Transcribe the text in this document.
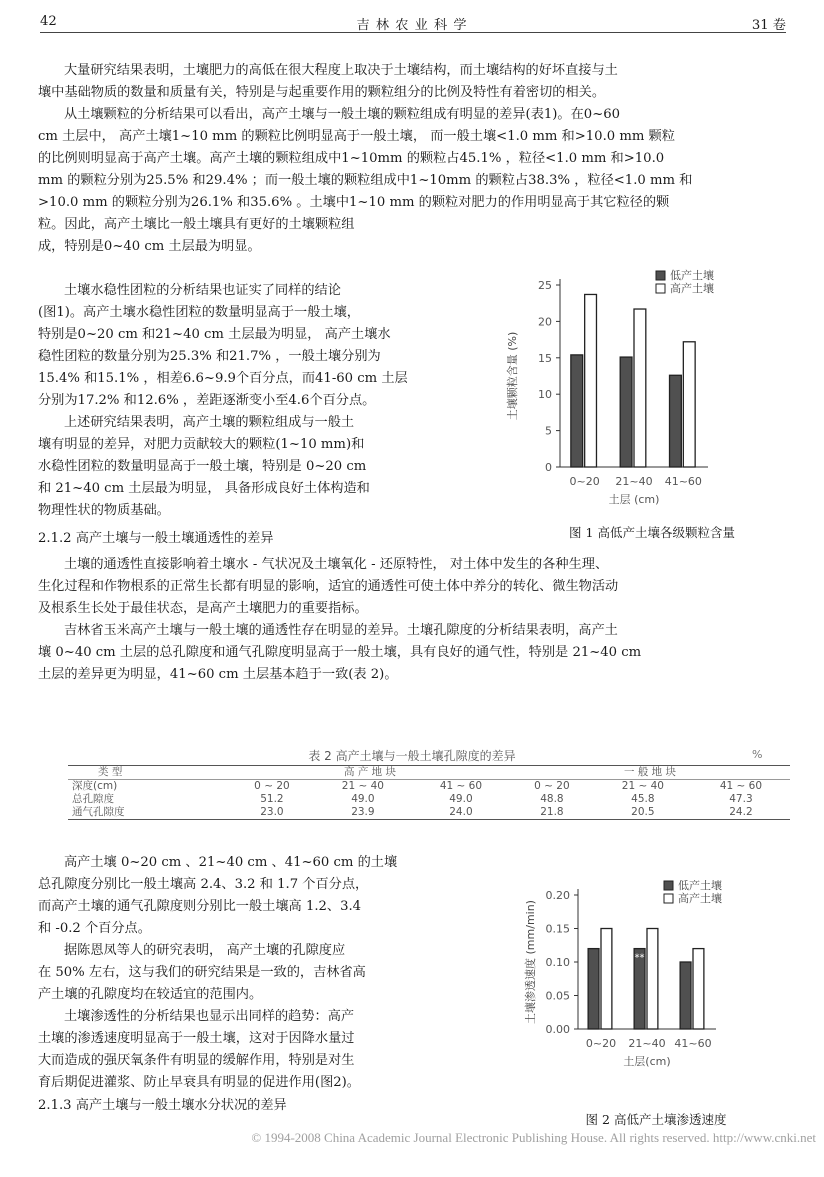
42	吉 林 农 业 科 学	31 卷
大量研究结果表明，土壤肥力的高低在很大程度上取决于土壤结构，而土壤结构的好坏直接与土
壤中基础物质的数量和质量有关，特别是与起重要作用的颗粒组分的比例及特性有着密切的相关。
从土壤颗粒的分析结果可以看出，高产土壤与一般土壤的颗粒组成有明显的差异(表1)。在0~60
cm 土层中， 高产土壤1~10 mm 的颗粒比例明显高于一般土壤， 而一般土壤<1.0 mm 和>10.0 mm 颗粒
的比例则明显高于高产土壤。高产土壤的颗粒组成中1~10mm 的颗粒占45.1% ，粒径<1.0 mm 和>10.0
mm 的颗粒分别为25.5% 和29.4% ；而一般土壤的颗粒组成中1~10mm 的颗粒占38.3% ，粒径<1.0 mm 和
>10.0 mm 的颗粒分别为26.1% 和35.6% 。土壤中1~10 mm 的颗粒对肥力的作用明显高于其它粒径的颗
粒。因此，高产土壤比一般土壤具有更好的土壤颗粒组
成，特别是0~40 cm 土层最为明显。
土壤水稳性团粒的分析结果也证实了同样的结论
(图1)。高产土壤水稳性团粒的数量明显高于一般土壤，
特别是0~20 cm 和21~40 cm 土层最为明显， 高产土壤水
稳性团粒的数量分别为25.3% 和21.7% ，一般土壤分别为
15.4% 和15.1% ，相差6.6~9.9个百分点，而41-60 cm 土层
分别为17.2% 和12.6% ，差距逐渐变小至4.6个百分点。
上述研究结果表明，高产土壤的颗粒组成与一般土
壤有明显的差异，对肥力贡献较大的颗粒(1~10 mm)和
水稳性团粒的数量明显高于一般土壤，特别是 0~20 cm
和 21~40 cm 土层最为明显， 具备形成良好土体构造和
物理性状的物质基础。
2.1.2 高产土壤与一般土壤通透性的差异
土壤的通透性直接影响着土壤水 - 气状况及土壤氧化 - 还原特性， 对土体中发生的各种生理、
生化过程和作物根系的正常生长都有明显的影响，适宜的通透性可使土体中养分的转化、微生物活动
及根系生长处于最佳状态，是高产土壤肥力的重要指标。
吉林省玉米高产土壤与一般土壤的通透性存在明显的差异。土壤孔隙度的分析结果表明，高产土
壤 0~40 cm 土层的总孔隙度和通气孔隙度明显高于一般土壤，具有良好的通气性，特别是 21~40 cm
土层的差异更为明显，41~60 cm 土层基本趋于一致(表 2)。
表 2 高产土壤与一般土壤孔隙度的差异	%
类 型	高 产 地 块			一 般 地 块		
深度(cm)	0 ~ 20	21 ~ 40	41 ~ 60	0 ~ 20	21 ~ 40	41 ~ 60
总孔隙度	51.2	49.0	49.0	48.8	45.8	47.3
通气孔隙度	23.0	23.9	24.0	21.8	20.5	24.2
高产土壤 0~20 cm 、21~40 cm 、41~60 cm 的土壤
总孔隙度分别比一般土壤高 2.4、3.2 和 1.7 个百分点，
而高产土壤的通气孔隙度则分别比一般土壤高 1.2、3.4
和 -0.2 个百分点。
据陈恩凤等人的研究表明， 高产土壤的孔隙度应
在 50% 左右，这与我们的研究结果是一致的，吉林省高
产土壤的孔隙度均在较适宜的范围内。
土壤渗透性的分析结果也显示出同样的趋势：高产
土壤的渗透速度明显高于一般土壤，这对于因降水量过
大而造成的强厌氧条件有明显的缓解作用，特别是对生
育后期促进灌浆、防止早衰具有明显的促进作用(图2)。
2.1.3 高产土壤与一般土壤水分状况的差异
0
5
10
15
20
25
0~20 21~40 41~60
土层 (cm)
土壤颗粒含量 (%)
低产土壤
高产土壤
图 1 高低产土壤各级颗粒含量
0.00
0.05
0.10
0.15
0.20
0~20 21~40 41~60
**
土层(cm)
土壤渗透速度 (mm/min)
低产土壤
高产土壤
图 2 高低产土壤渗透速度
© 1994-2008 China Academic Journal Electronic Publishing House. All rights reserved. http://www.cnki.net
